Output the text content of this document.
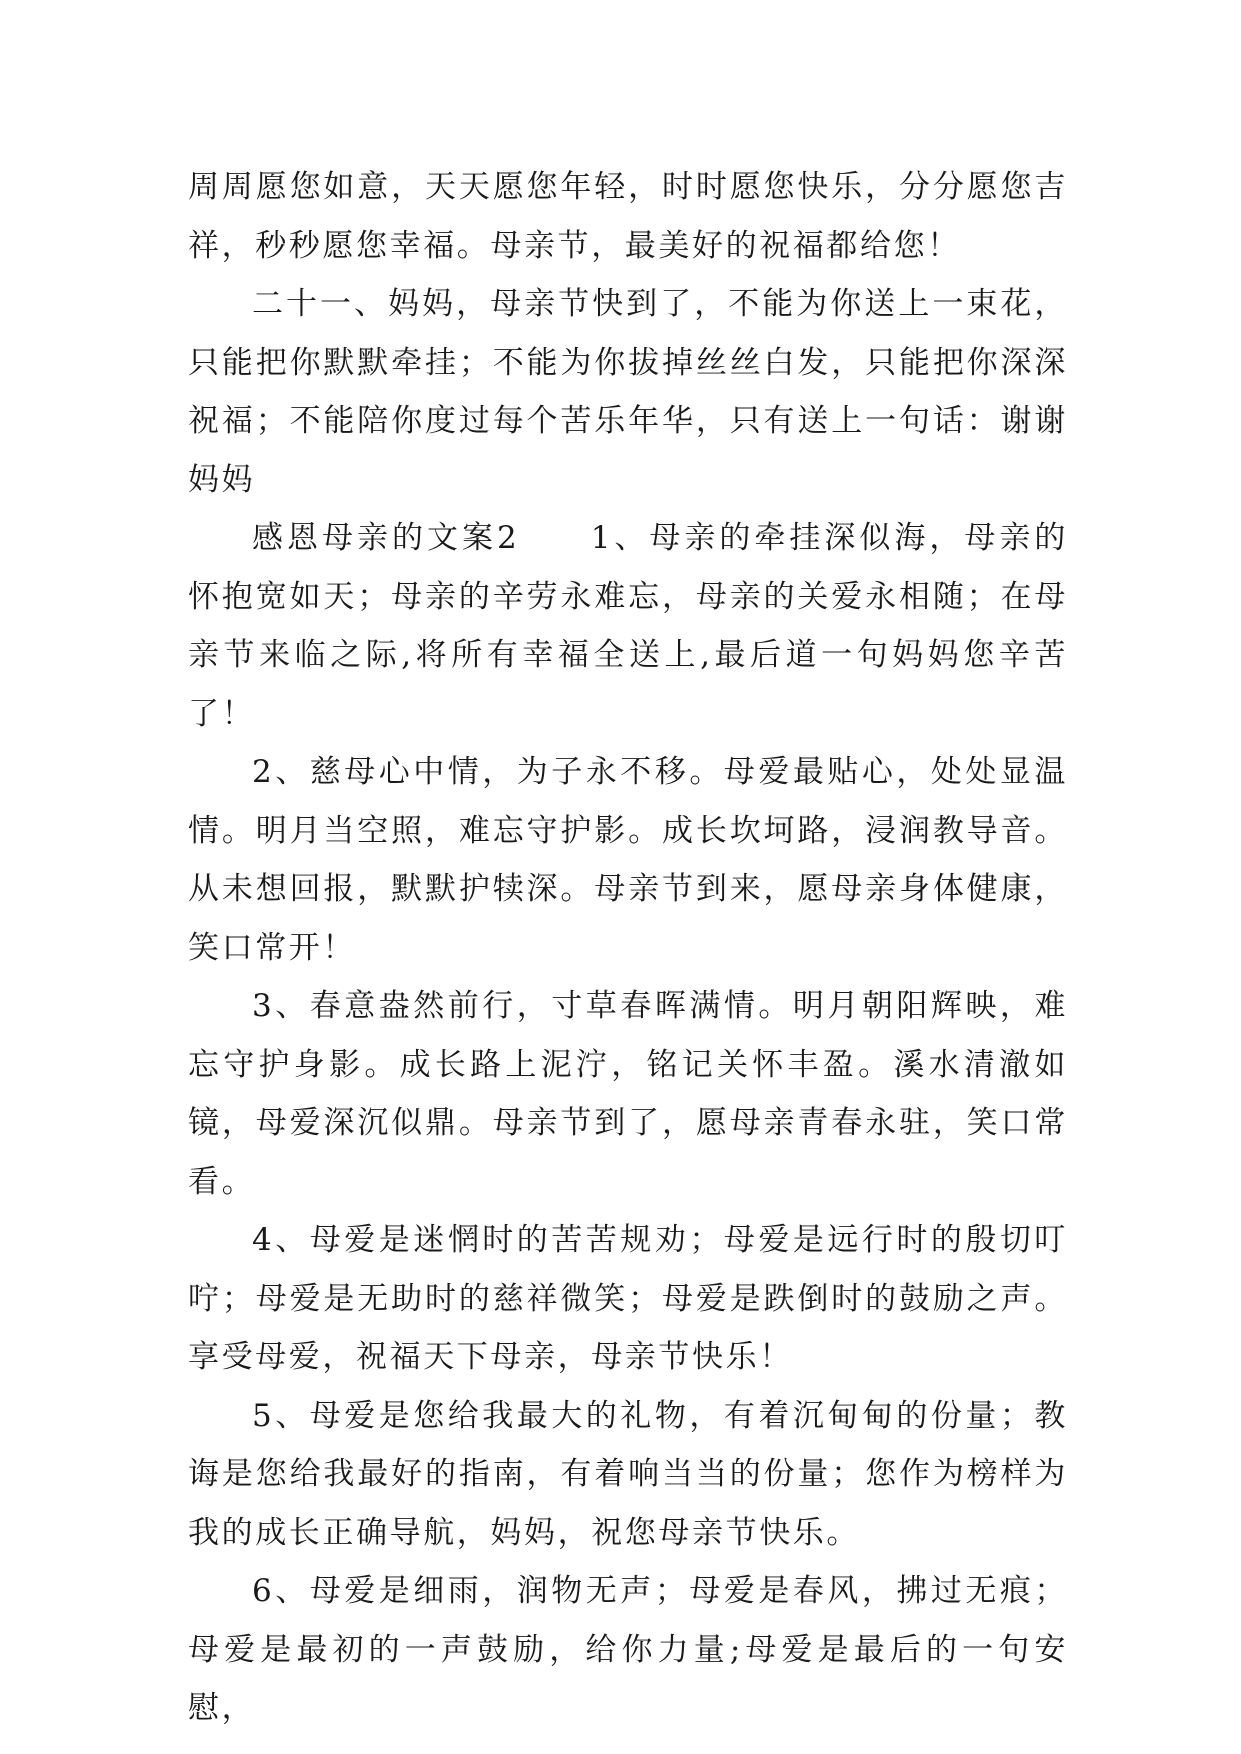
周周愿您如意，天天愿您年轻，时时愿您快乐，分分愿您吉祥，秒秒愿您幸福。母亲节，最美好的祝福都给您！

二十一、妈妈，母亲节快到了，不能为你送上一束花，只能把你默默牵挂；不能为你拔掉丝丝白发，只能把你深深祝福；不能陪你度过每个苦乐年华，只有送上一句话：谢谢妈妈

感恩母亲的文案2　　1、母亲的牵挂深似海，母亲的怀抱宽如天；母亲的辛劳永难忘，母亲的关爱永相随；在母亲节来临之际,将所有幸福全送上,最后道一句妈妈您辛苦了！

2、慈母心中情，为子永不移。母爱最贴心，处处显温情。明月当空照，难忘守护影。成长坎坷路，浸润教导音。从未想回报，默默护犊深。母亲节到来，愿母亲身体健康，笑口常开！

3、春意盎然前行，寸草春晖满情。明月朝阳辉映，难忘守护身影。成长路上泥泞，铭记关怀丰盈。溪水清澈如镜，母爱深沉似鼎。母亲节到了，愿母亲青春永驻，笑口常看。

4、母爱是迷惘时的苦苦规劝；母爱是远行时的殷切叮咛；母爱是无助时的慈祥微笑；母爱是跌倒时的鼓励之声。享受母爱，祝福天下母亲，母亲节快乐！

5、母爱是您给我最大的礼物，有着沉甸甸的份量；教诲是您给我最好的指南，有着响当当的份量；您作为榜样为我的成长正确导航，妈妈，祝您母亲节快乐。

6、母爱是细雨，润物无声；母爱是春风，拂过无痕；母爱是最初的一声鼓励，给你力量;母爱是最后的一句安慰，
